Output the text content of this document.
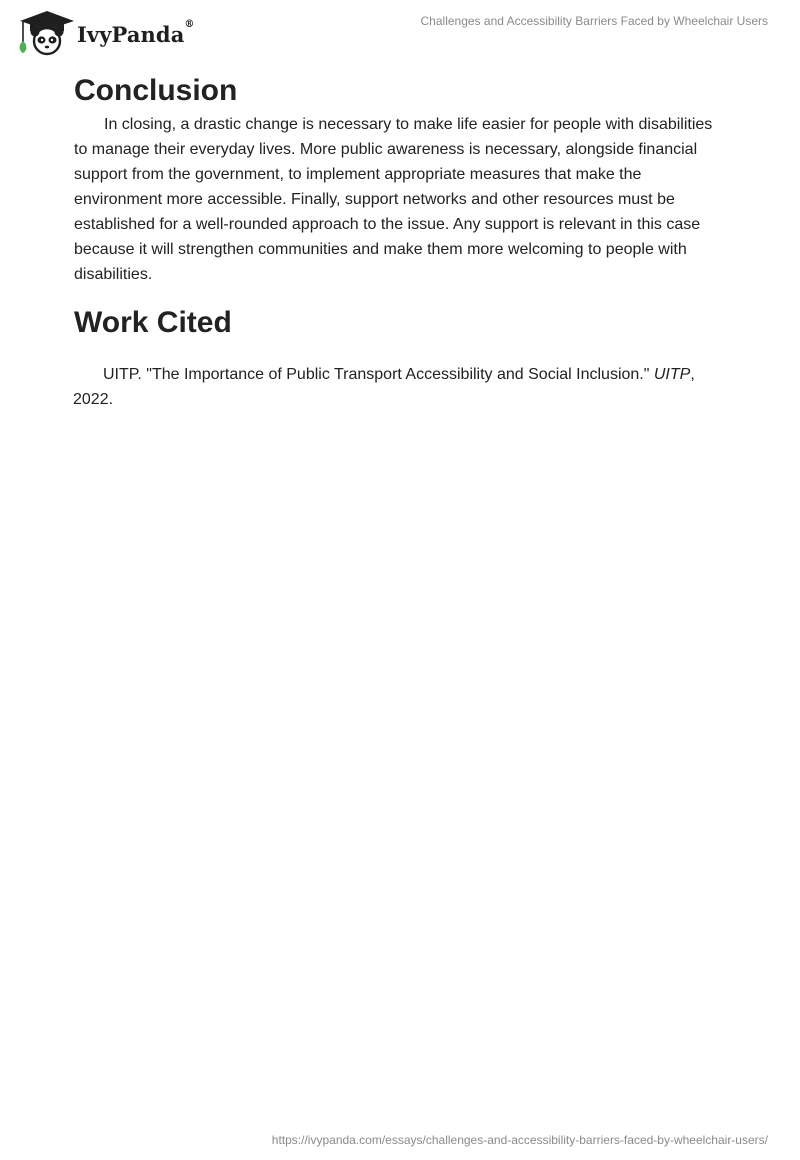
IvyPanda®	Challenges and Accessibility Barriers Faced by Wheelchair Users
Conclusion

In closing, a drastic change is necessary to make life easier for people with disabilities to manage their everyday lives. More public awareness is necessary, alongside financial support from the government, to implement appropriate measures that make the environment more accessible. Finally, support networks and other resources must be established for a well-rounded approach to the issue. Any support is relevant in this case because it will strengthen communities and make them more welcoming to people with disabilities.

Work Cited
UITP. "The Importance of Public Transport Accessibility and Social Inclusion." UITP, 2022.
https://ivypanda.com/essays/challenges-and-accessibility-barriers-faced-by-wheelchair-users/
